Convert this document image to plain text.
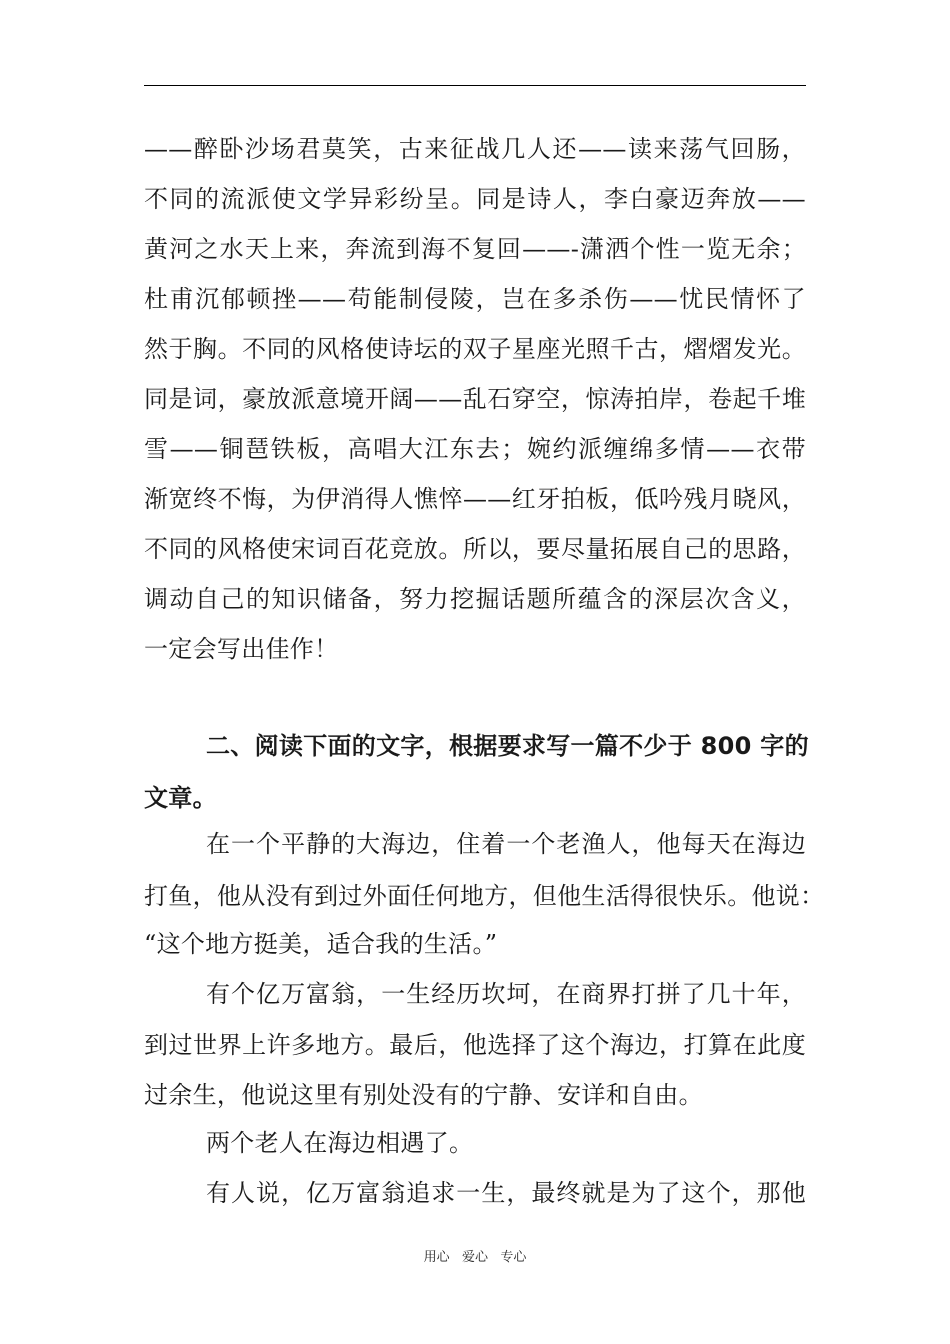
——醉卧沙场君莫笑，古来征战几人还——读来荡气回肠，
不同的流派使文学异彩纷呈。同是诗人，李白豪迈奔放——
黄河之水天上来，奔流到海不复回——-潇洒个性一览无余；
杜甫沉郁顿挫——苟能制侵陵，岂在多杀伤——忧民情怀了
然于胸。不同的风格使诗坛的双子星座光照千古，熠熠发光。
同是词，豪放派意境开阔——乱石穿空，惊涛拍岸，卷起千堆
雪——铜琶铁板，高唱大江东去；婉约派缠绵多情——衣带
渐宽终不悔，为伊消得人憔悴——红牙拍板，低吟残月晓风，
不同的风格使宋词百花竞放。所以，要尽量拓展自己的思路，
调动自己的知识储备，努力挖掘话题所蕴含的深层次含义，
一定会写出佳作！
二、阅读下面的文字，根据要求写一篇不少于 800 字的
文章。
在一个平静的大海边，住着一个老渔人，他每天在海边
打鱼，他从没有到过外面任何地方，但他生活得很快乐。他说：
“这个地方挺美，适合我的生活。”
有个亿万富翁，一生经历坎坷，在商界打拼了几十年，
到过世界上许多地方。最后，他选择了这个海边，打算在此度
过余生，他说这里有别处没有的宁静、安详和自由。
两个老人在海边相遇了。
有人说，亿万富翁追求一生，最终就是为了这个，那他
用心   爱心   专心
